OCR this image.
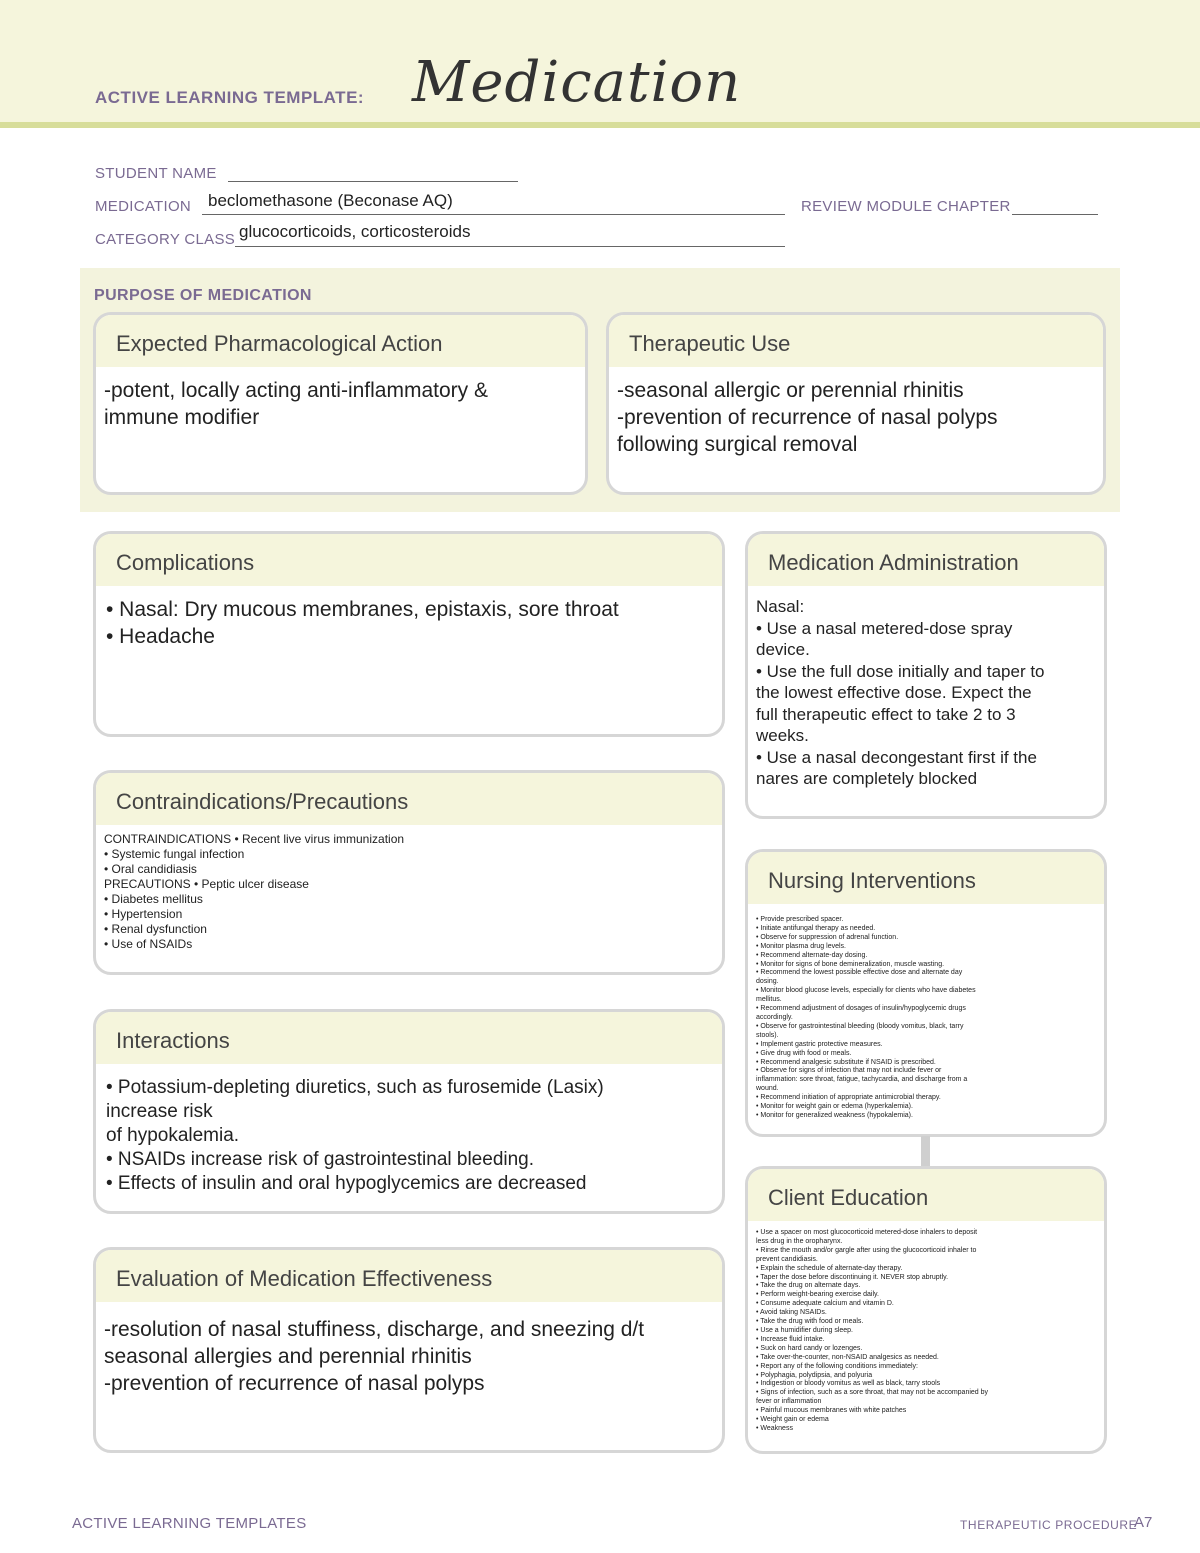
ACTIVE LEARNING TEMPLATE: Medication
STUDENT NAME
MEDICATION beclomethasone (Beconase AQ)	REVIEW MODULE CHAPTER
CATEGORY CLASS glucocorticoids, corticosteroids
PURPOSE OF MEDICATION
Expected Pharmacological Action
-potent, locally acting anti-inflammatory &
immune modifier
Therapeutic Use
-seasonal allergic or perennial rhinitis
-prevention of recurrence of nasal polyps
following surgical removal
Complications
• Nasal: Dry mucous membranes, epistaxis, sore throat
• Headache
Medication Administration
Nasal:
• Use a nasal metered-dose spray
device.
• Use the full dose initially and taper to
the lowest effective dose. Expect the
full therapeutic effect to take 2 to 3
weeks.
• Use a nasal decongestant first if the
nares are completely blocked
Contraindications/Precautions
CONTRAINDICATIONS • Recent live virus immunization
• Systemic fungal infection
• Oral candidiasis
PRECAUTIONS • Peptic ulcer disease
• Diabetes mellitus
• Hypertension
• Renal dysfunction
• Use of NSAIDs
Nursing Interventions
• Provide prescribed spacer.
• Initiate antifungal therapy as needed.
• Observe for suppression of adrenal function.
• Monitor plasma drug levels.
• Recommend alternate-day dosing.
• Monitor for signs of bone demineralization, muscle wasting.
• Recommend the lowest possible effective dose and alternate day
dosing.
• Monitor blood glucose levels, especially for clients who have diabetes
mellitus.
• Recommend adjustment of dosages of insulin/hypoglycemic drugs
accordingly.
• Observe for gastrointestinal bleeding (bloody vomitus, black, tarry
stools).
• Implement gastric protective measures.
• Give drug with food or meals.
• Recommend analgesic substitute if NSAID is prescribed.
• Observe for signs of infection that may not include fever or
inflammation: sore throat, fatigue, tachycardia, and discharge from a
wound.
• Recommend initiation of appropriate antimicrobial therapy.
• Monitor for weight gain or edema (hyperkalemia).
• Monitor for generalized weakness (hypokalemia).
Interactions
• Potassium-depleting diuretics, such as furosemide (Lasix)
increase risk
of hypokalemia.
• NSAIDs increase risk of gastrointestinal bleeding.
• Effects of insulin and oral hypoglycemics are decreased
Client Education
• Use a spacer on most glucocorticoid metered-dose inhalers to deposit
less drug in the oropharynx.
• Rinse the mouth and/or gargle after using the glucocorticoid inhaler to
prevent candidiasis.
• Explain the schedule of alternate-day therapy.
• Taper the dose before discontinuing it. NEVER stop abruptly.
• Take the drug on alternate days.
• Perform weight-bearing exercise daily.
• Consume adequate calcium and vitamin D.
• Avoid taking NSAIDs.
• Take the drug with food or meals.
• Use a humidifier during sleep.
• Increase fluid intake.
• Suck on hard candy or lozenges.
• Take over-the-counter, non-NSAID analgesics as needed.
• Report any of the following conditions immediately:
• Polyphagia, polydipsia, and polyuria
• Indigestion or bloody vomitus as well as black, tarry stools
• Signs of infection, such as a sore throat, that may not be accompanied by
fever or inflammation
• Painful mucous membranes with white patches
• Weight gain or edema
• Weakness
Evaluation of Medication Effectiveness
-resolution of nasal stuffiness, discharge, and sneezing d/t
seasonal allergies and perennial rhinitis
-prevention of recurrence of nasal polyps
ACTIVE LEARNING TEMPLATES	THERAPEUTIC PROCEDURE
A7
